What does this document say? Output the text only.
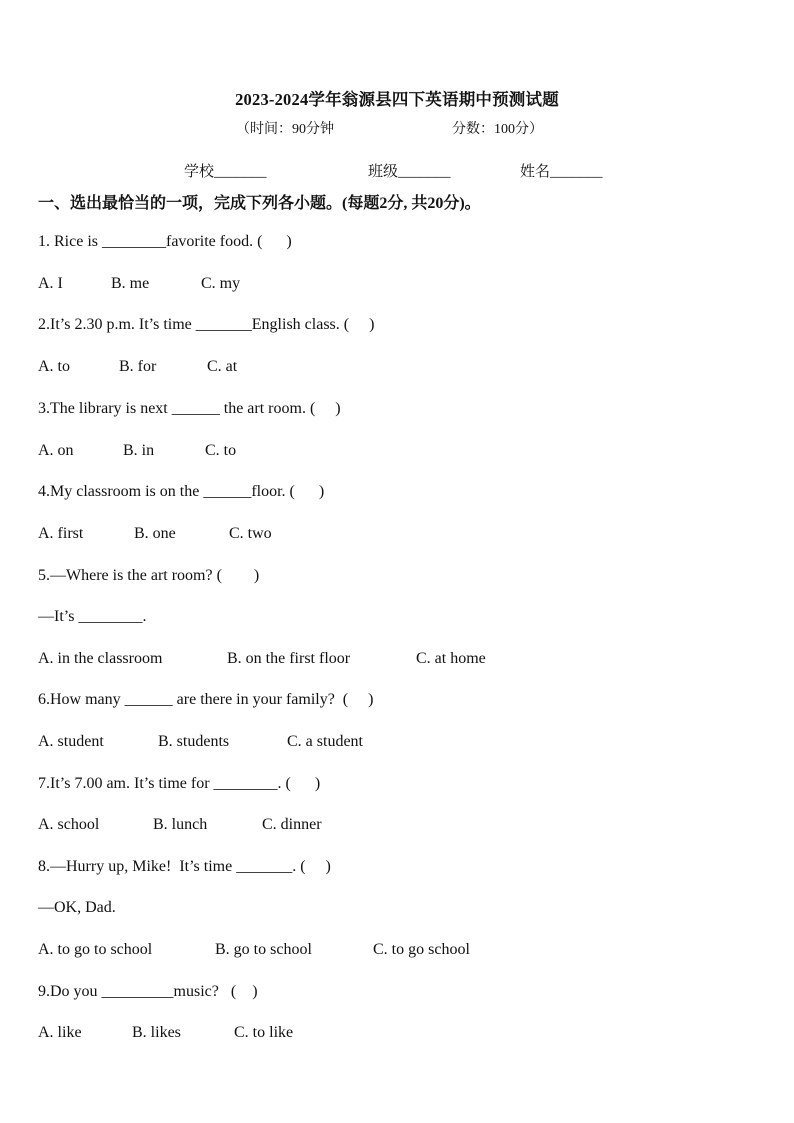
2023-2024学年翁源县四下英语期中预测试题
（时间：90分钟	分数：100分）
学校_______	班级_______	姓名_______
一、选出最恰当的一项，完成下列各小题。(每题2分, 共20分)。
1. Rice is ________favorite food. (      )
A. I	B. me	C. my
2.It’s 2.30 p.m. It’s time _______English class. (     )
A. to	B. for	C. at
3.The library is next ______ the art room. (     )
A. on	B. in	C. to
4.My classroom is on the ______floor. (      )
A. first	B. one	C. two
5.—Where is the art room? (        )
—It’s ________.
A. in the classroom	B. on the first floor	C. at home
6.How many ______ are there in your family?  (     )
A. student	B. students	C. a student
7.It’s 7.00 am. It’s time for ________. (      )
A. school	B. lunch	C. dinner
8.—Hurry up, Mike!  It’s time _______. (     )
—OK, Dad.
A. to go to school	B. go to school	C. to go school
9.Do you _________music?   (    )
A. like	B. likes	C. to like
